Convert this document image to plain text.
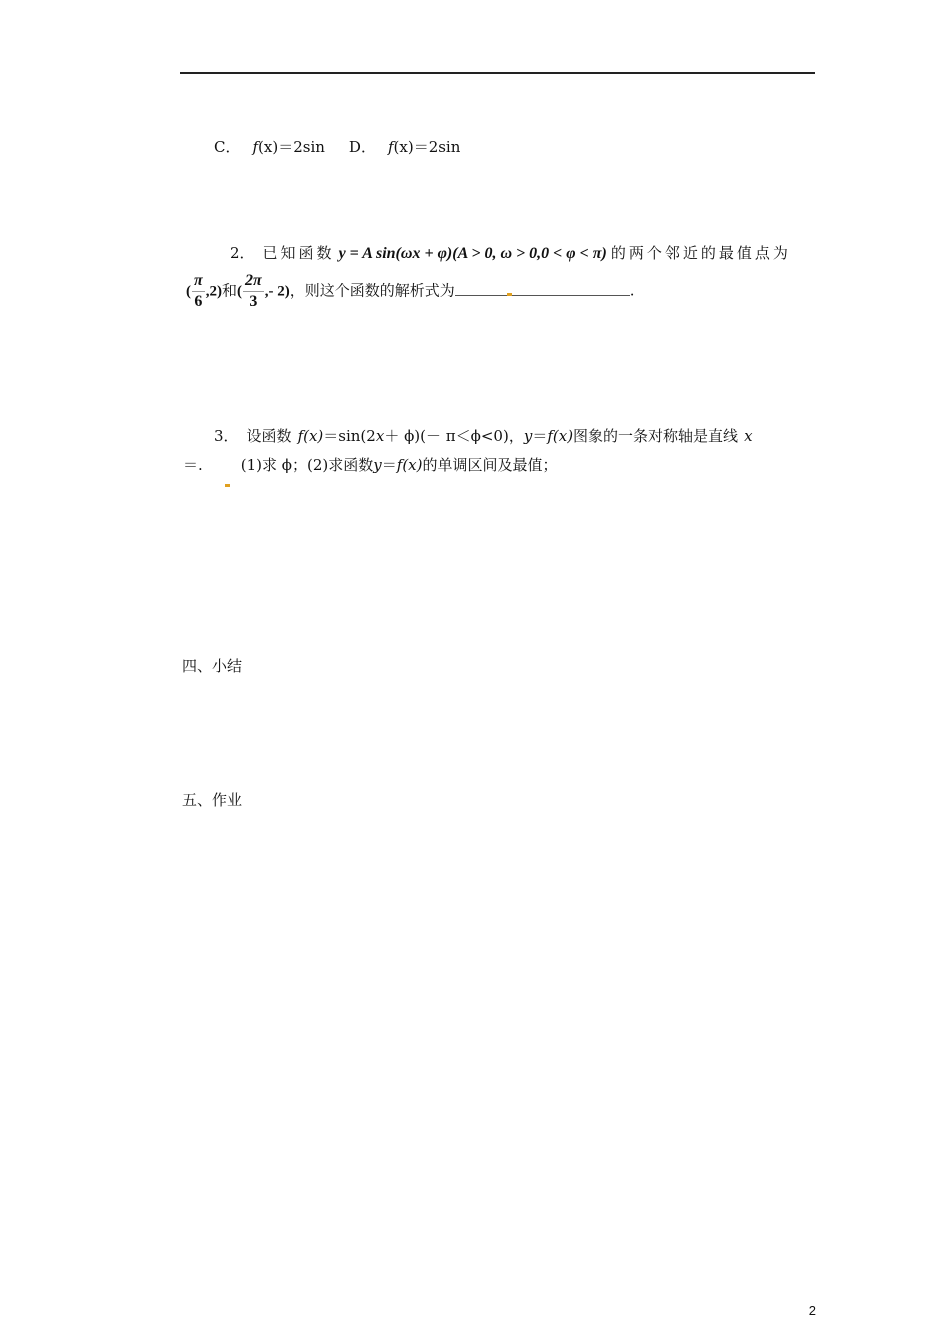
C． f(x)＝2sin D． f(x)＝2sin
2． 已知函数 y = A sin(ωx + φ)(A > 0, ω > 0,0 < φ < π) 的两个邻近的最值点为
( $\frac{\pi}{6} ,2$)和( $\frac{2\pi}{3}$ ,- 2)，则这个函数的解析式为	.
3． 设函数 f(x)＝sin(2x＋ ϕ)(－ π＜ϕ<0)，y＝f(x)图象的一条对称轴是直线 x
＝.	(1)求 ϕ；(2)求函数y＝f(x)的单调区间及最值；
四、小结
五、作业
2
